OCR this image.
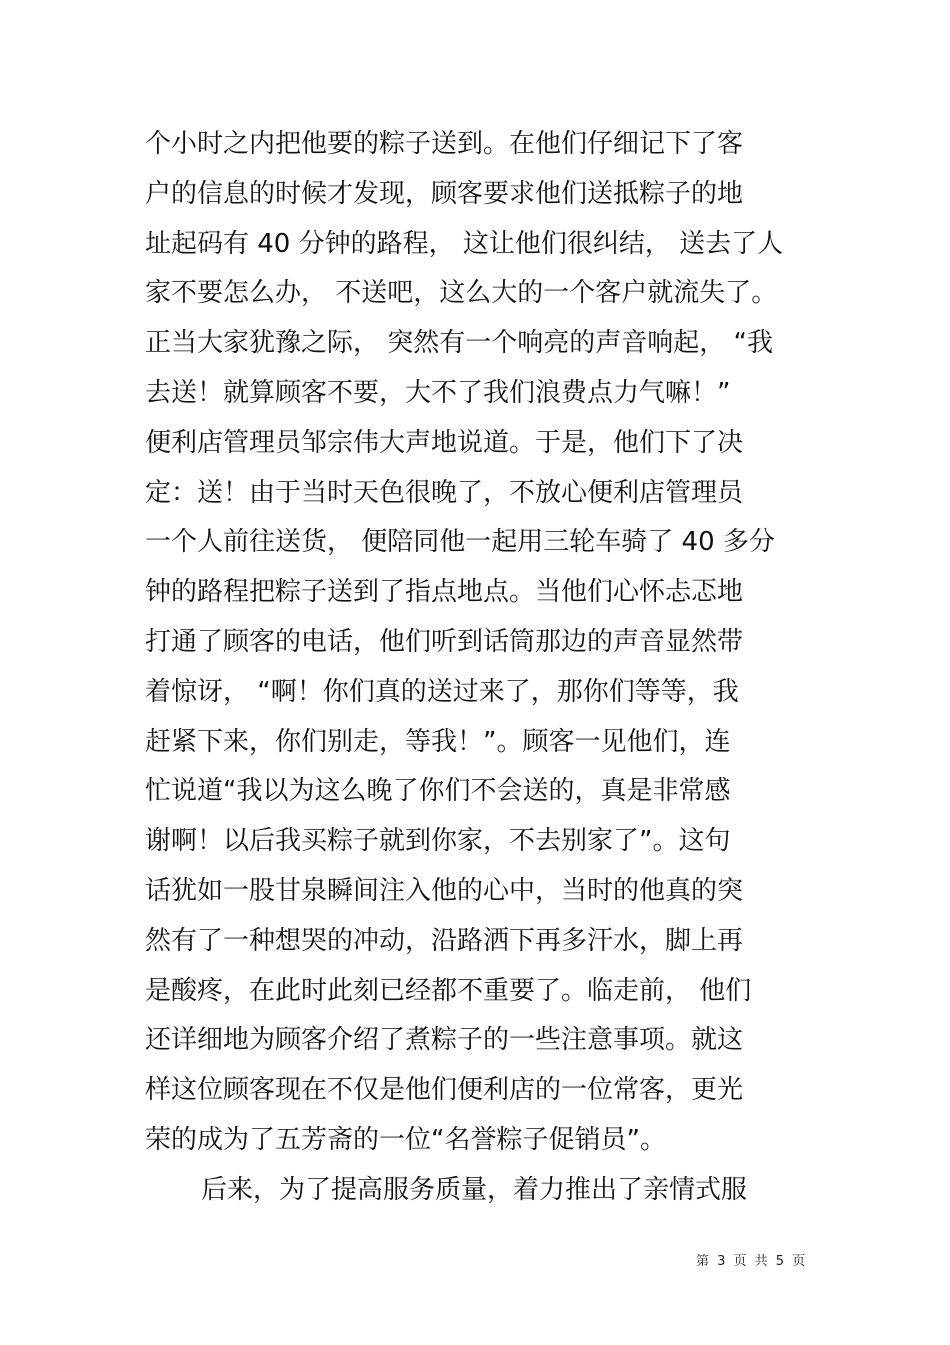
个小时之内把他要的粽子送到。在他们仔细记下了客
户的信息的时候才发现，顾客要求他们送抵粽子的地
址起码有 40 分钟的路程， 这让他们很纠结， 送去了人
家不要怎么办， 不送吧，这么大的一个客户就流失了。
正当大家犹豫之际， 突然有一个响亮的声音响起， “我
去送！就算顾客不要，大不了我们浪费点力气嘛！”
便利店管理员邹宗伟大声地说道。于是，他们下了决
定：送！由于当时天色很晚了，不放心便利店管理员
一个人前往送货， 便陪同他一起用三轮车骑了 40 多分
钟的路程把粽子送到了指点地点。当他们心怀忐忑地
打通了顾客的电话，他们听到话筒那边的声音显然带
着惊讶， “啊！你们真的送过来了，那你们等等，我
赶紧下来，你们别走，等我！”。顾客一见他们，连
忙说道“我以为这么晚了你们不会送的，真是非常感
谢啊！以后我买粽子就到你家，不去别家了”。这句
话犹如一股甘泉瞬间注入他的心中，当时的他真的突
然有了一种想哭的冲动，沿路洒下再多汗水，脚上再
是酸疼，在此时此刻已经都不重要了。临走前， 他们
还详细地为顾客介绍了煮粽子的一些注意事项。就这
样这位顾客现在不仅是他们便利店的一位常客，更光
荣的成为了五芳斋的一位“名誉粽子促销员”。
后来，为了提高服务质量，着力推出了亲情式服
第 3 页 共 5 页
